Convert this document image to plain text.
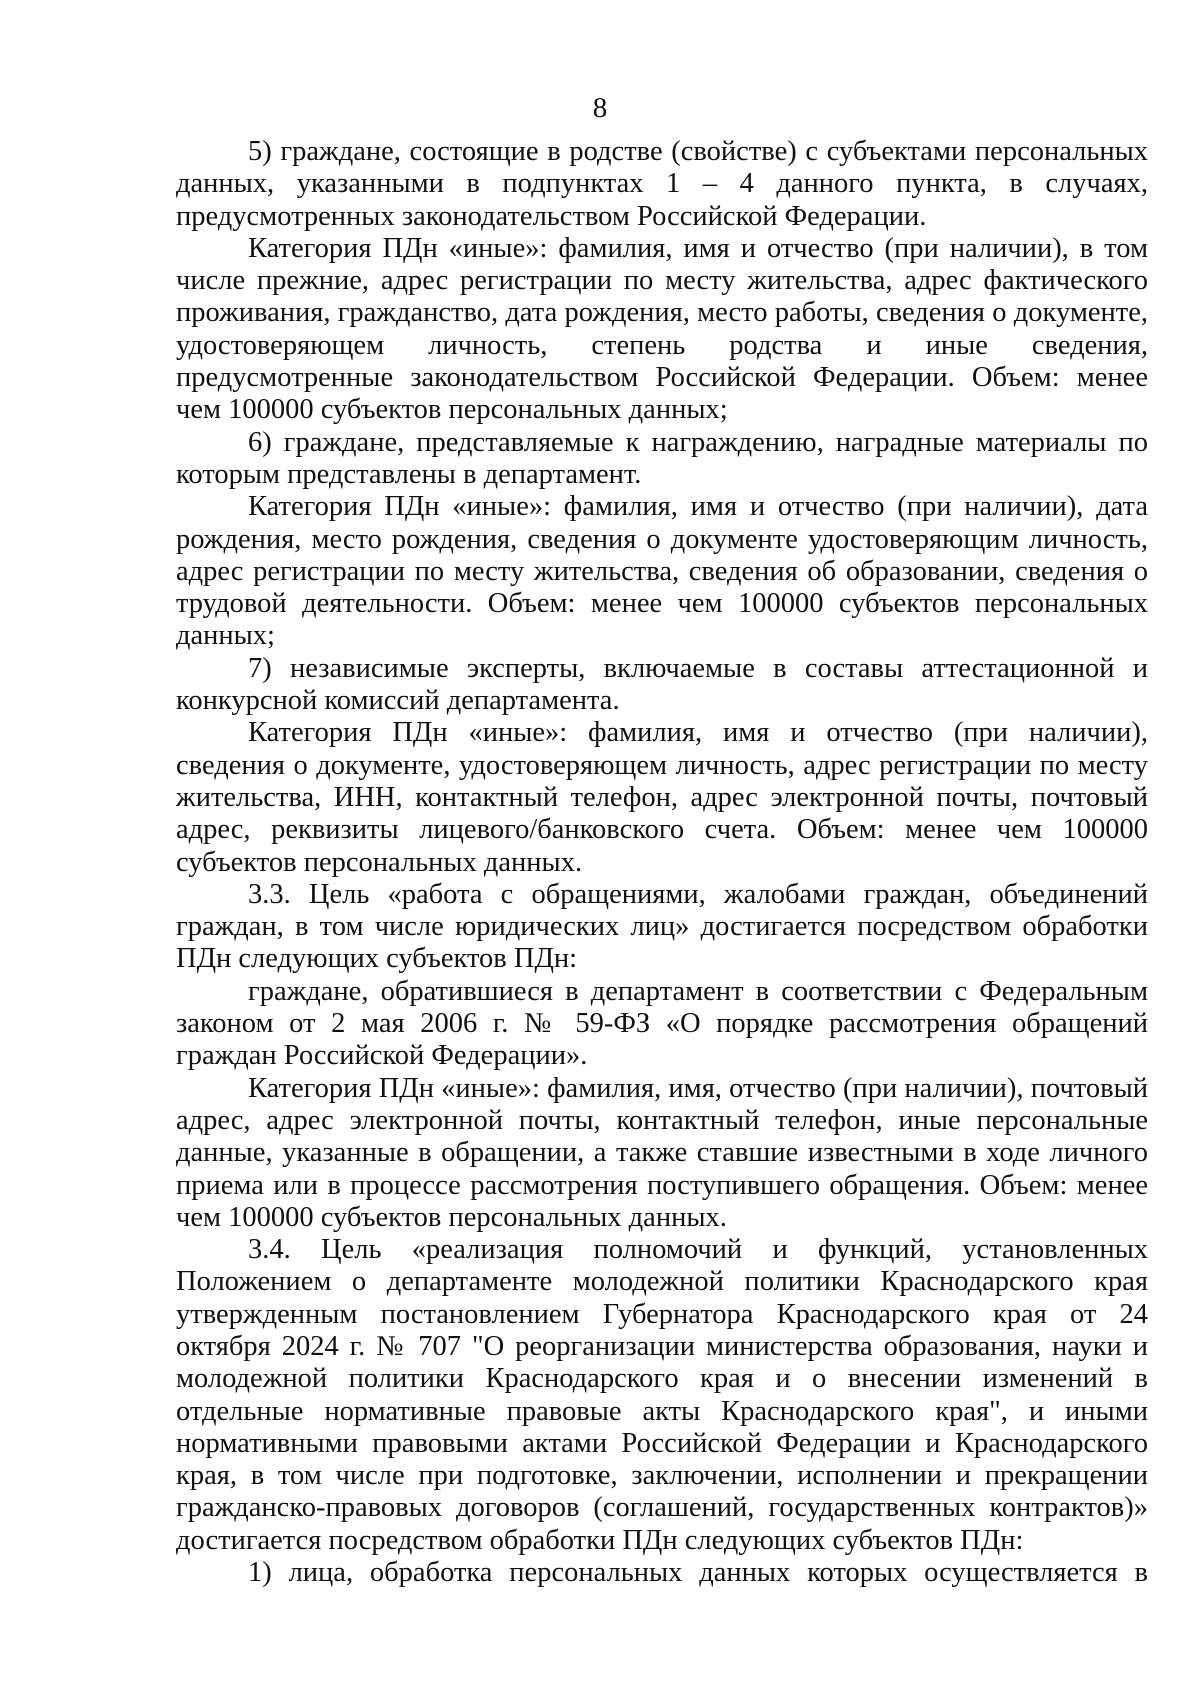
8

5) граждане, состоящие в родстве (свойстве) с субъектами персональных данных, указанными в подпунктах 1 – 4 данного пункта, в случаях, предусмотренных законодательством Российской Федерации.

Категория ПДн «иные»: фамилия, имя и отчество (при наличии), в том числе прежние, адрес регистрации по месту жительства, адрес фактического проживания, гражданство, дата рождения, место работы, сведения о документе, удостоверяющем личность, степень родства и иные сведения, предусмотренные законодательством Российской Федерации. Объем: менее чем 100000 субъектов персональных данных;

6) граждане, представляемые к награждению, наградные материалы по которым представлены в департамент.

Категория ПДн «иные»: фамилия, имя и отчество (при наличии), дата рождения, место рождения, сведения о документе удостоверяющим личность, адрес регистрации по месту жительства, сведения об образовании, сведения о трудовой деятельности. Объем: менее чем 100000 субъектов персональных данных;

7) независимые эксперты, включаемые в составы аттестационной и конкурсной комиссий департамента.

Категория ПДн «иные»: фамилия, имя и отчество (при наличии), сведения о документе, удостоверяющем личность, адрес регистрации по месту жительства, ИНН, контактный телефон, адрес электронной почты, почтовый адрес, реквизиты лицевого/банковского счета. Объем: менее чем 100000 субъектов персональных данных.

3.3. Цель «работа с обращениями, жалобами граждан, объединений граждан, в том числе юридических лиц» достигается посредством обработки ПДн следующих субъектов ПДн:

граждане, обратившиеся в департамент в соответствии с Федеральным законом от 2 мая 2006 г. № 59-ФЗ «О порядке рассмотрения обращений граждан Российской Федерации».

Категория ПДн «иные»: фамилия, имя, отчество (при наличии), почтовый адрес, адрес электронной почты, контактный телефон, иные персональные данные, указанные в обращении, а также ставшие известными в ходе личного приема или в процессе рассмотрения поступившего обращения. Объем: менее чем 100000 субъектов персональных данных.

3.4. Цель «реализация полномочий и функций, установленных Положением о департаменте молодежной политики Краснодарского края утвержденным постановлением Губернатора Краснодарского края от 24 октября 2024 г. № 707 "О реорганизации министерства образования, науки и молодежной политики Краснодарского края и о внесении изменений в отдельные нормативные правовые акты Краснодарского края", и иными нормативными правовыми актами Российской Федерации и Краснодарского края, в том числе при подготовке, заключении, исполнении и прекращении гражданско-правовых договоров (соглашений, государственных контрактов)» достигается посредством обработки ПДн следующих субъектов ПДн:

1) лица, обработка персональных данных которых осуществляется в
